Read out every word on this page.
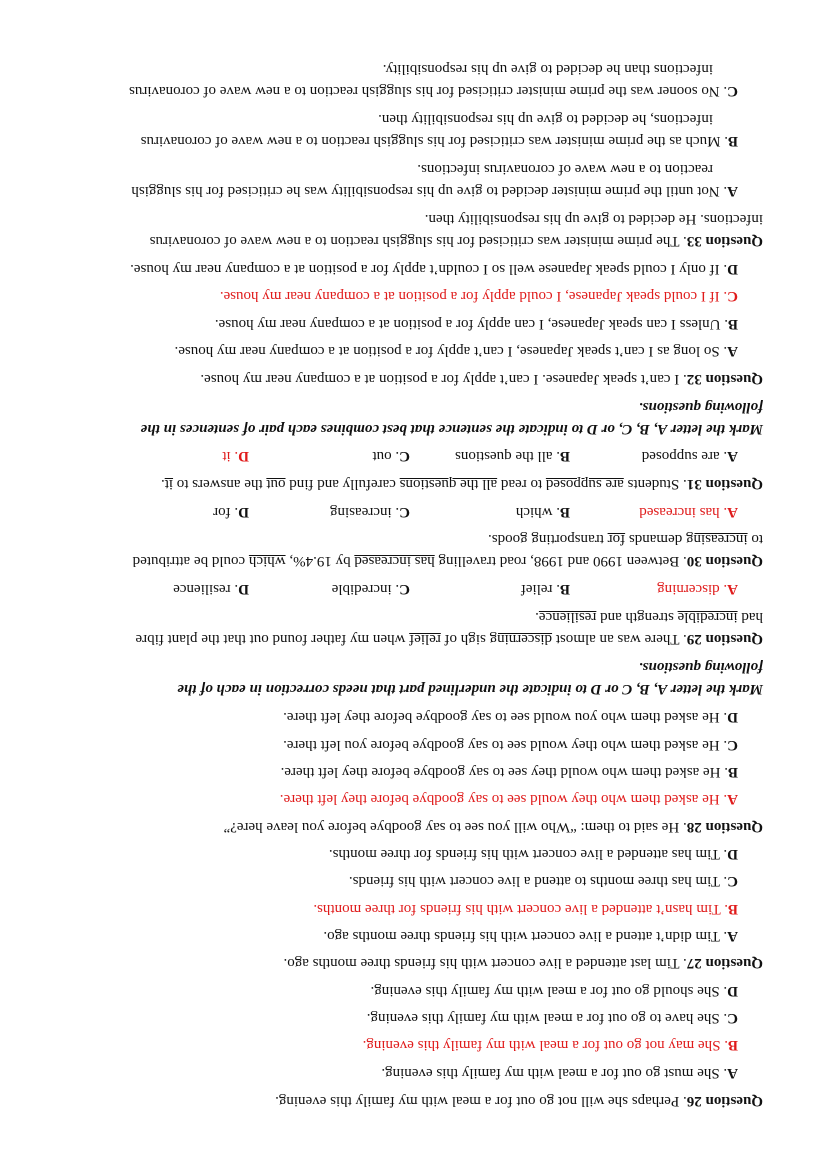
Question 26. Perhaps she will not go out for a meal with my family this evening.
A. She must go out for a meal with my family this evening.
B. She may not go out for a meal with my family this evening.
C. She have to go out for a meal with my family this evening.
D. She should go out for a meal with my family this evening.
Question 27. Tim last attended a live concert with his friends three months ago.
A. Tim didn’t attend a live concert with his friends three months ago.
B. Tim hasn’t attended a live concert with his friends for three months.
C. Tim has three months to attend a live concert with his friends.
D. Tim has attended a live concert with his friends for three months.
Question 28. He said to them: “Who will you see to say goodbye before you leave here?”
A. He asked them who they would see to say goodbye before they left there.
B. He asked them who would they see to say goodbye before they left there.
C. He asked them who they would see to say goodbye before you left there.
D. He asked them who you would see to say goodbye before they left there.
Mark the letter A, B, C or D to indicate the underlined part that needs correction in each of the
following questions.
Question 29. There was an almost discerning sigh of relief when my father found out that the plant fibre
had incredible strength and resilience.
A. discerning
B. relief
C. incredible
D. resilience
Question 30. Between 1990 and 1998, road travelling has increased by 19.4%, which could be attributed
to increasing demands for transporting goods.
A. has increased
B. which
C. increasing
D. for
Question 31. Students are supposed to read all the questions carefully and find out the answers to it.
A. are supposed
B. all the questions
C. out
D. it
Mark the letter A, B, C, or D to indicate the sentence that best combines each pair of sentences in the
following questions.
Question 32. I can’t speak Japanese. I can’t apply for a position at a company near my house.
A. So long as I can’t speak Japanese, I can’t apply for a position at a company near my house.
B. Unless I can speak Japanese, I can apply for a position at a company near my house.
C. If I could speak Japanese, I could apply for a position at a company near my house.
D. If only I could speak Japanese well so I couldn’t apply for a position at a company near my house.
Question 33. The prime minister was criticised for his sluggish reaction to a new wave of coronavirus
infections. He decided to give up his responsibility then.
A. Not until the prime minister decided to give up his responsibility was he criticised for his sluggish
reaction to a new wave of coronavirus infections.
B. Much as the prime minister was criticised for his sluggish reaction to a new wave of coronavirus
infections, he decided to give up his responsibility then.
C. No sooner was the prime minister criticised for his sluggish reaction to a new wave of coronavirus
infections than he decided to give up his responsibility.
